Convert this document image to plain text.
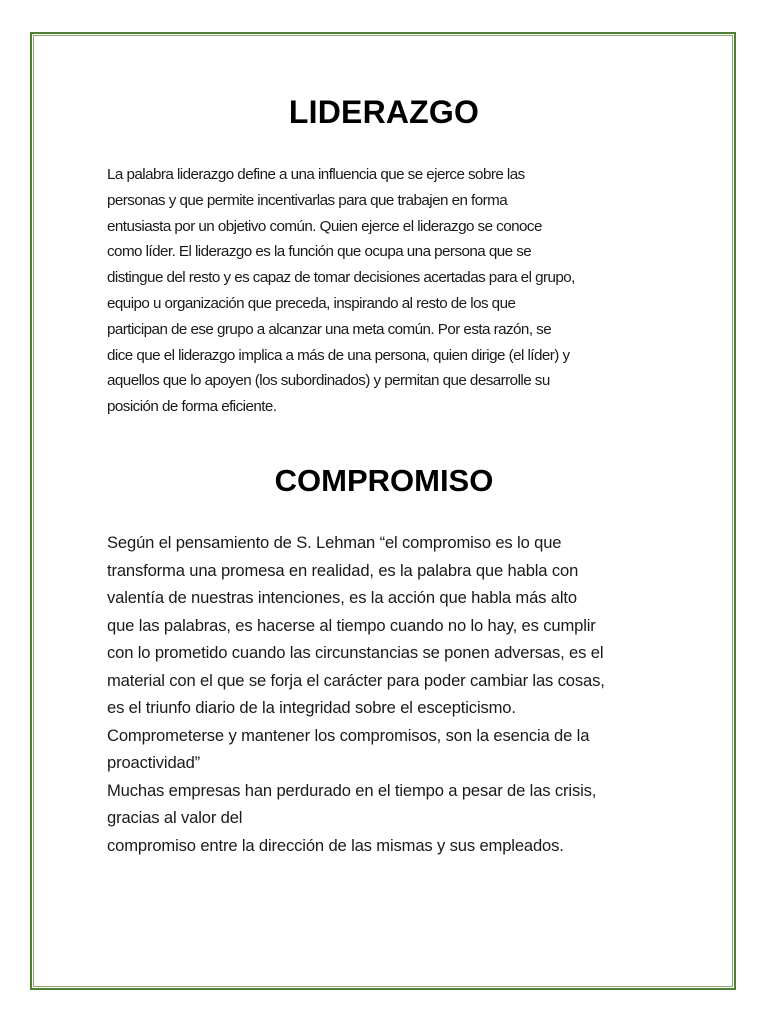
LIDERAZGO
La palabra liderazgo define a una influencia que se ejerce sobre las
personas y que permite incentivarlas para que trabajen en forma
entusiasta por un objetivo común. Quien ejerce el liderazgo se conoce
como líder. El liderazgo es la función que ocupa una persona que se
distingue del resto y es capaz de tomar decisiones acertadas para el grupo,
equipo u organización que preceda, inspirando al resto de los que
participan de ese grupo a alcanzar una meta común. Por esta razón, se
dice que el liderazgo implica a más de una persona, quien dirige (el líder) y
aquellos que lo apoyen (los subordinados) y permitan que desarrolle su
posición de forma eficiente.
COMPROMISO
Según el pensamiento de S. Lehman “el compromiso es lo que
transforma una promesa en realidad, es la palabra que habla con
valentía de nuestras intenciones, es la acción que habla más alto
que las palabras, es hacerse al tiempo cuando no lo hay, es cumplir
con lo prometido cuando las circunstancias se ponen adversas, es el
material con el que se forja el carácter para poder cambiar las cosas,
es el triunfo diario de la integridad sobre el escepticismo.
Comprometerse y mantener los compromisos, son la esencia de la
proactividad”
Muchas empresas han perdurado en el tiempo a pesar de las crisis,
gracias al valor del
compromiso entre la dirección de las mismas y sus empleados.
